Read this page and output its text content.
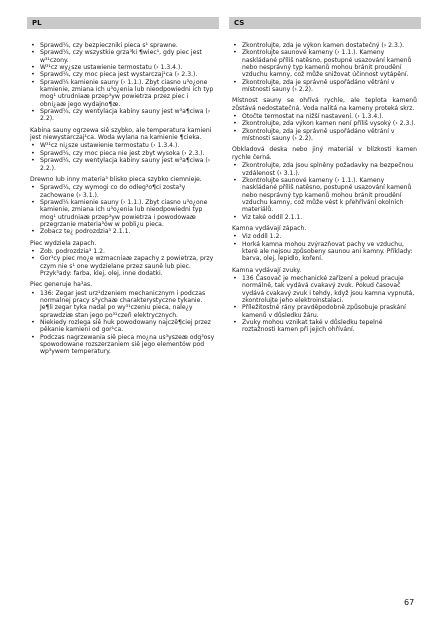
PL	CS
• Sprawd¼, czy bezpieczniki pieca s¹ sprawne.
• Sprawd¼, czy wszystkie grza³ki ¶wiec¹, gdy piec jest w³¹czony.
• W³¹cz wy¿sze ustawienie termostatu (› 1.3.4.).
• Sprawd¼, czy moc pieca jest wystarczaj¹ca (› 2.3.).
• Sprawd¼ kamienie sauny (› 1.1.). Zbyt ciasno u³o¿one kamienie, zmiana ich u³o¿enia lub nieodpowiedni ich typ mog¹ utrudniaæ przep³yw powietrza przez piec i obni¿aæ jego wydajno¶æ.
• Sprawd¼, czy wentylacja kabiny sauny jest w³a¶ciwa (› 2.2).

Kabina sauny ogrzewa siê szybko, ale temperatura kamieni jest niewystarczaj¹ca. Woda wylana na kamienie ¶cieka.

• W³¹cz ni¿sze ustawienie termostatu (› 1.3.4.).
• Sprawd¼, czy moc pieca nie jest zbyt wysoka (› 2.3.).
• Sprawd¼, czy wentylacja kabiny sauny jest w³a¶ciwa (› 2.2.).

Drewno lub inny materia³ blisko pieca szybko ciemnieje.

• Sprawd¼, czy wymogi co do odleg³o¶ci zosta³y zachowane (› 3.1.).
• Sprawd¼ kamienie sauny (› 1.1.). Zbyt ciasno u³o¿one kamienie, zmiana ich u³o¿enia lub nieodpowiedni typ mog¹ utrudniaæ przep³yw powietrza i powodowaæ przegrzanie materia³ów w pobli¿u pieca.
• Zobacz te¿ podrozdzia³ 2.1.1.

Piec wydziela zapach.

• Zob. podrozdzia³ 1.2.
• Gor¹cy piec mo¿e wzmacniaæ zapachy z powietrza, przy czym nie s¹ one wydzielane przez saunê lub piec. Przyk³ady: farba, klej, olej, inne dodatki.

Piec generuje ha³as.

• 136: Zegar jest urz¹dzeniem mechanicznym i podczas normalnej pracy s³ychaæ charakterystyczne tykanie. Je¶li zegar tyka nadal po wy³¹czeniu pieca, nale¿y sprawdziæ stan jego po³¹czeñ elektrycznych.
• Niekiedy rozlega siê huk powodowany najczê¶ciej przez pêkanie kamieni od gor¹ca.
• Podczas nagrzewania siê pieca mo¿na us³yszeæ odg³osy spowodowane rozszerzaniem siê jego elementów pod wp³ywem temperatury.
• Zkontrolujte, zda je výkon kamen dostatečný (› 2.3.).
• Zkontrolujte saunové kameny (› 1.1.). Kameny naskládané příliš natěsno, postupné usazování kamenů nebo nesprávný typ kamenů mohou bránit proudění vzduchu kamny, což může snižovat účinnost vytápění.
• Zkontrolujte, zda je správně uspořádáno větrání v místnosti sauny (› 2.2).

Místnost sauny se ohřívá rychle, ale teplota kamenů zůstává nedostatečná. Voda nalitá na kameny proteká skrz.

• Otočte termostat na nižší nastavení. (› 1.3.4.).
• Zkontrolujte, zda výkon kamen není příliš vysoký (› 2.3.).
• Zkontrolujte, zda je správně uspořádáno větrání v místnosti sauny (› 2.2).

Obkladová deska nebo jiný materiál v blízkosti kamen rychle černá.

• Zkontrolujte, zda jsou splněny požadavky na bezpečnou vzdálenost (› 3.1.).
• Zkontrolujte saunové kameny (› 1.1.). Kameny naskládané příliš natěsno, postupné usazování kamenů nebo nesprávný typ kamenů mohou bránit proudění vzduchu kamny, což může vést k přehřívání okolních materiálů.
• Viz také oddíl 2.1.1.

Kamna vydávají zápach.

• Viz oddíl 1.2.
• Horká kamna mohou zvýrazňovat pachy ve vzduchu, které ale nejsou způsobeny saunou ani kamny. Příklady: barva, olej, lepidlo, koření.

Kamna vydávají zvuky.

• 136 Časovač je mechanické zařízení a pokud pracuje normálně, tak vydává cvakavý zvuk. Pokud časovač vydává cvakavý zvuk i tehdy, když jsou kamna vypnutá, zkontrolujte jeho elektroinstalaci.
• Příležitostné rány pravděpodobně způsobuje praskání kamenů v důsledku žáru.
• Zvuky mohou vznikat také v důsledku tepelné roztažnosti kamen při jejich ohřívání.
67
